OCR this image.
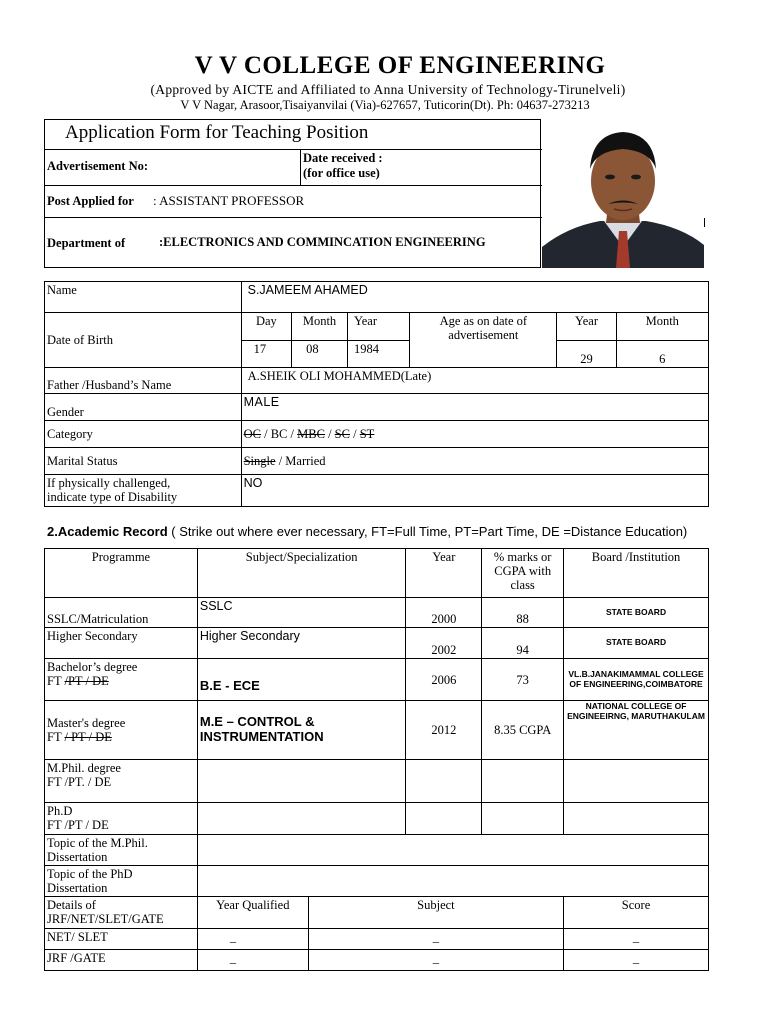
V V COLLEGE OF ENGINEERING
(Approved by AICTE and Affiliated to Anna University of Technology-Tirunelveli)
V V Nagar, Arasoor,Tisaiyanvilai (Via)-627657, Tuticorin(Dt). Ph: 04637-273213
Application Form for Teaching Position
Advertisement No:
Date received :
(for office use)
Post Applied for : ASSISTANT PROFESSOR
Department of	:ELECTRONICS AND COMMINCATION ENGINEERING
Name	S.JAMEEM AHAMED					
Date of Birth	Day	Month	Year	Age as on date of advertisement	Year	Month
	17	08	1984		29	6
Father /Husband’s Name	A.SHEIK OLI MOHAMMED(Late)					
Gender	MALE					
Category	OC / BC / MBC / SC / ST					
Marital Status	Single / Married					

If physically challenged,
indicate type of Disability	NO					
2.Academic Record ( Strike out where ever necessary, FT=Full Time, PT=Part Time, DE =Distance Education)
Programme	Subject/Specialization		Year	% marks or CGPA with class	Board /Institution
SSLC/Matriculation	SSLC		2000	88	STATE BOARD
Higher Secondary	Higher Secondary		2002	94	STATE BOARD

Bachelor’s degree
FT /PT / DE	B.E - ECE		2006	73	VL.B.JANAKIMAMMAL COLLEGE OF ENGINEERING,COIMBATORE

Master's degree
FT / PT / DE	M.E – CONTROL & INSTRUMENTATION		2012	8.35 CGPA	NATIONAL COLLEGE OF ENGINEEIRNG, MARUTHAKULAM

M.Phil. degree
FT /PT. / DE					

Ph.D
FT /PT / DE					

Topic of the M.Phil. Dissertation					
Topic of the PhD Dissertation					
Details of JRF/NET/SLET/GATE	Year Qualified	Subject			Score
NET/ SLET	_	_			_
JRF /GATE	_	_			_
